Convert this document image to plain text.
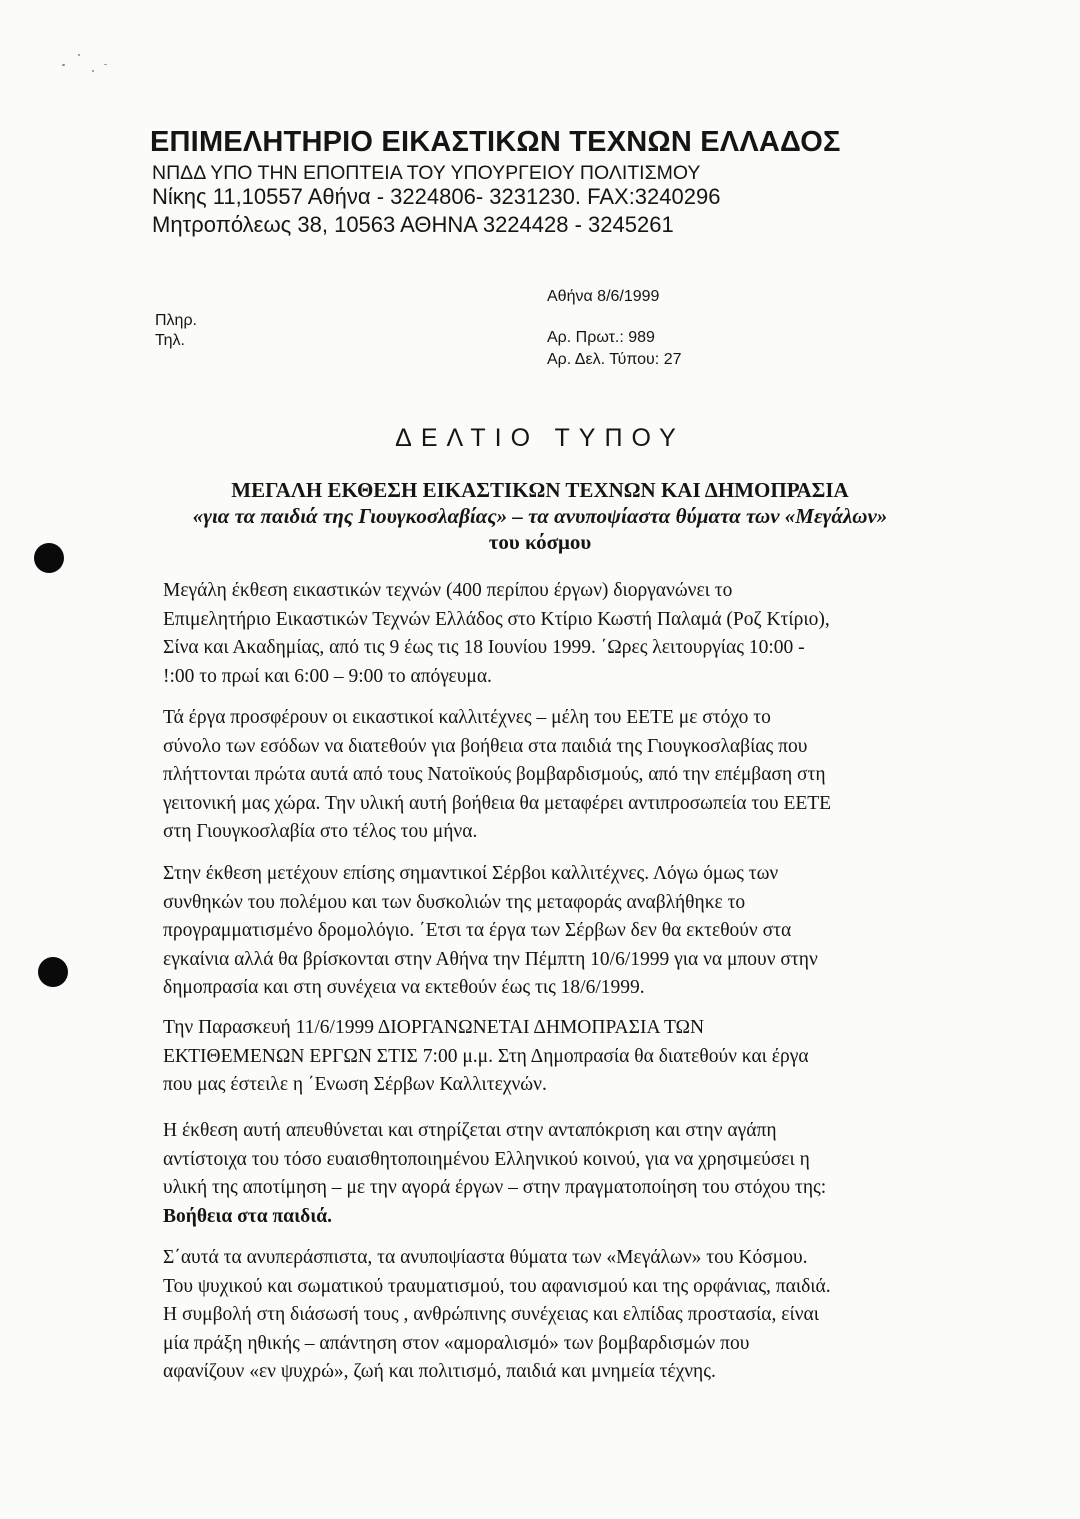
ΕΠΙΜΕΛΗΤΗΡΙΟ ΕΙΚΑΣΤΙΚΩΝ ΤΕΧΝΩΝ ΕΛΛΑΔΟΣ
ΝΠΔΔ ΥΠΟ ΤΗΝ ΕΠΟΠΤΕΙΑ ΤΟΥ ΥΠΟΥΡΓΕΙΟΥ ΠΟΛΙΤΙΣΜΟΥ
Νίκης 11,10557 Αθήνα - 3224806- 3231230. FAX:3240296
Μητροπόλεως 38, 10563 ΑΘΗΝΑ 3224428 - 3245261
Αθήνα 8/6/1999
Πληρ.
Τηλ.	Αρ. Πρωτ.: 989
Αρ. Δελ. Τύπου: 27
ΔΕΛΤΙΟ ΤΥΠΟΥ
ΜΕΓΑΛΗ ΕΚΘΕΣΗ ΕΙΚΑΣΤΙΚΩΝ ΤΕΧΝΩΝ ΚΑΙ ΔΗΜΟΠΡΑΣΙΑ
«για τα παιδιά της Γιουγκοσλαβίας» – τα ανυποψίαστα θύματα των «Μεγάλων»
του κόσμου
Μεγάλη έκθεση εικαστικών τεχνών (400 περίπου έργων) διοργανώνει το
Επιμελητήριο Εικαστικών Τεχνών Ελλάδος στο Κτίριο Κωστή Παλαμά (Ροζ Κτίριο),
Σίνα και Ακαδημίας, από τις 9 έως τις 18 Ιουνίου 1999. ΄Ωρες λειτουργίας 10:00 -
!:00 το πρωί και 6:00 – 9:00 το απόγευμα.
Τά έργα προσφέρουν οι εικαστικοί καλλιτέχνες – μέλη του ΕΕΤΕ με στόχο το
σύνολο των εσόδων να διατεθούν για βοήθεια στα παιδιά της Γιουγκοσλαβίας που
πλήττονται πρώτα αυτά από τους Νατοϊκούς βομβαρδισμούς, από την επέμβαση στη
γειτονική μας χώρα. Την υλική αυτή βοήθεια θα μεταφέρει αντιπροσωπεία του ΕΕΤΕ
στη Γιουγκοσλαβία στο τέλος του μήνα.
Στην έκθεση μετέχουν επίσης σημαντικοί Σέρβοι καλλιτέχνες. Λόγω όμως των
συνθηκών του πολέμου και των δυσκολιών της μεταφοράς αναβλήθηκε το
προγραμματισμένο δρομολόγιο. ΄Ετσι τα έργα των Σέρβων δεν θα εκτεθούν στα
εγκαίνια αλλά θα βρίσκονται στην Αθήνα την Πέμπτη 10/6/1999 για να μπουν στην
δημοπρασία και στη συνέχεια να εκτεθούν έως τις 18/6/1999.
Την Παρασκευή 11/6/1999 ΔΙΟΡΓΑΝΩΝΕΤΑΙ ΔΗΜΟΠΡΑΣΙΑ ΤΩΝ
ΕΚΤΙΘΕΜΕΝΩΝ ΕΡΓΩΝ ΣΤΙΣ 7:00 μ.μ. Στη Δημοπρασία θα διατεθούν και έργα
που μας έστειλε η ΄Ενωση Σέρβων Καλλιτεχνών.
Η έκθεση αυτή απευθύνεται και στηρίζεται στην ανταπόκριση και στην αγάπη
αντίστοιχα του τόσο ευαισθητοποιημένου Ελληνικού κοινού, για να χρησιμεύσει η
υλική της αποτίμηση – με την αγορά έργων – στην πραγματοποίηση του στόχου της:
Βοήθεια στα παιδιά.
Σ΄αυτά τα ανυπεράσπιστα, τα ανυποψίαστα θύματα των «Μεγάλων» του Κόσμου.
Του ψυχικού και σωματικού τραυματισμού, του αφανισμού και της ορφάνιας, παιδιά.
Η συμβολή στη διάσωσή τους , ανθρώπινης συνέχειας και ελπίδας προστασία, είναι
μία πράξη ηθικής – απάντηση στον «αμοραλισμό» των βομβαρδισμών που
αφανίζουν «εν ψυχρώ», ζωή και πολιτισμό, παιδιά και μνημεία τέχνης.
